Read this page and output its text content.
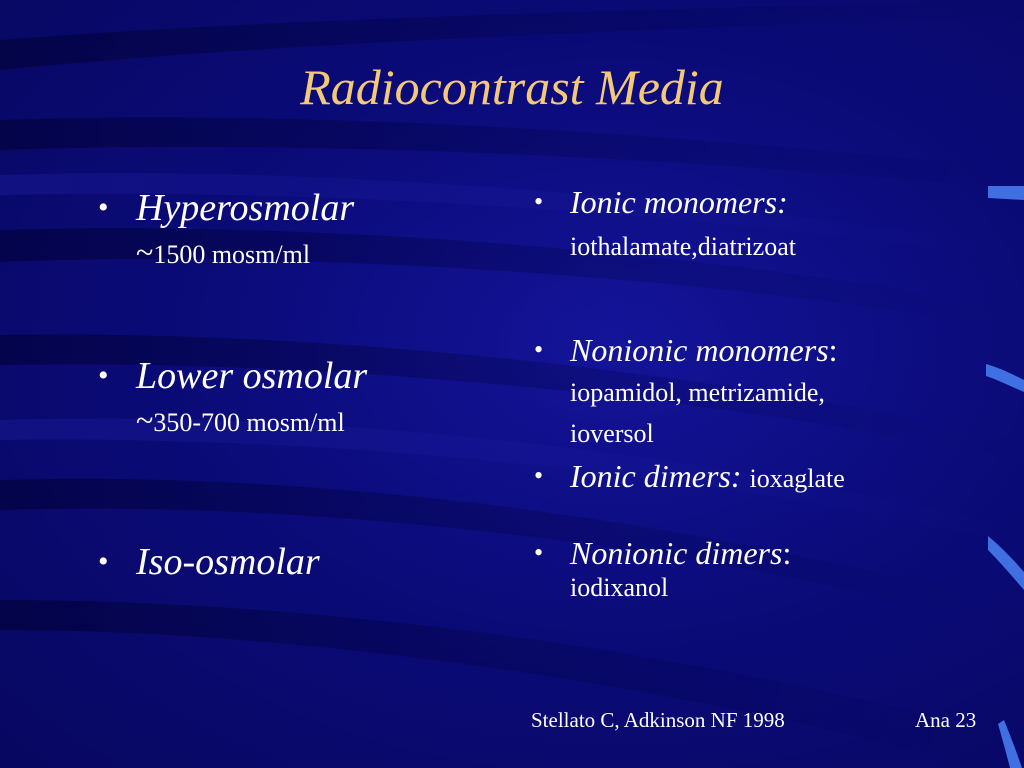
Radiocontrast Media
• Hyperosmolar
~1500 mosm/ml
• Lower osmolar
~350-700 mosm/ml
• Iso-osmolar
• Ionic monomers:
iothalamate,diatrizoat
• Nonionic monomers:
iopamidol, metrizamide,
ioversol
• Ionic dimers: ioxaglate
• Nonionic dimers:
iodixanol
Stellato C, Adkinson NF 1998	Ana 23
